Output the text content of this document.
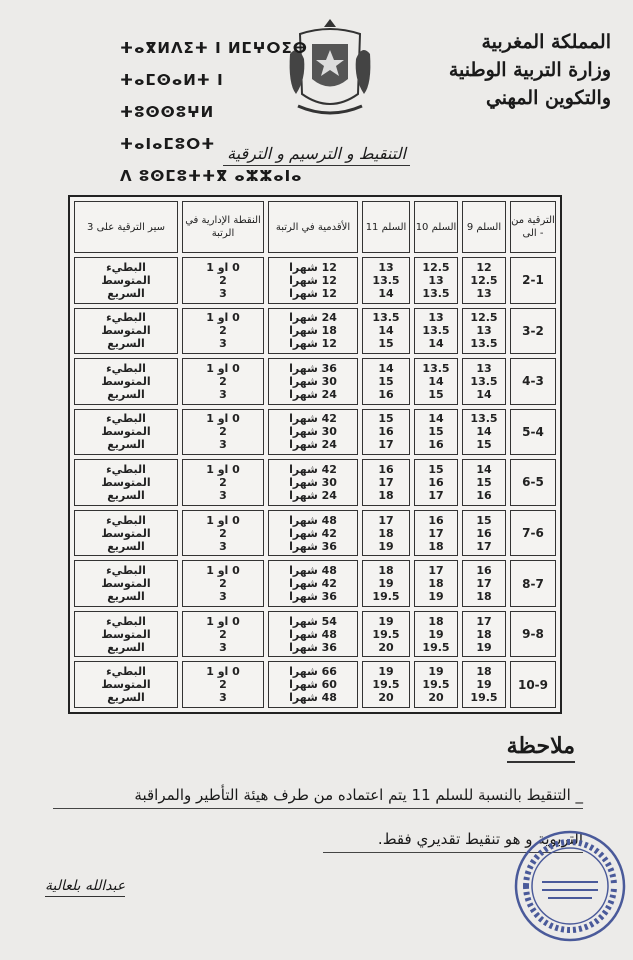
المملكة المغربية
وزارة التربية الوطنية
والتكوين المهني
ⵜⴰⴳⵍⴷⵉⵜ ⵏ ⵍⵎⵖⵔⵉⴱ
ⵜⴰⵎⵙⴰⵍⵜ ⵏ ⵜⵓⵙⵙⵓⵖⵍ ⵜⴰⵏⴰⵎⵓⵔⵜ
ⴷ ⵓⵙⵎⵓⵜⵜⴳ ⴰⵣⵣⴰⵏⴰ
التنقيط و الترسيم و الترقية
الترقية من - الى	السلم 9	السلم 10	السلم 11	الأقدمية في الرتبة	النقطة الإدارية في الرتبة	سير الترقية على 3
2-1	12
12.5
13	12.5
13
13.5	13
13.5
14	12 شهرا
12 شهرا
12 شهرا	0 او 1
2
3	البطيء
المتوسط
السريع

3-2	12.5
13
13.5	13
13.5
14	13.5
14
15	24 شهرا
18 شهرا
12 شهرا	0 او 1
2
3	البطيء
المتوسط
السريع

4-3	13
13.5
14	13.5
14
15	14
15
16	36 شهرا
30 شهرا
24 شهرا	0 او 1
2
3	البطيء
المتوسط
السريع

5-4	13.5
14
15	14
15
16	15
16
17	42 شهرا
30 شهرا
24 شهرا	0 او 1
2
3	البطيء
المتوسط
السريع

6-5	14
15
16	15
16
17	16
17
18	42 شهرا
30 شهرا
24 شهرا	0 او 1
2
3	البطيء
المتوسط
السريع

7-6	15
16
17	16
17
18	17
18
19	48 شهرا
42 شهرا
36 شهرا	0 او 1
2
3	البطيء
المتوسط
السريع

8-7	16
17
18	17
18
19	18
19
19.5	48 شهرا
42 شهرا
36 شهرا	0 او 1
2
3	البطيء
المتوسط
السريع

9-8	17
18
19	18
19
19.5	19
19.5
20	54 شهرا
48 شهرا
36 شهرا	0 او 1
2
3	البطيء
المتوسط
السريع

10-9	18
19
19.5	19
19.5
20	19
19.5
20	66 شهرا
60 شهرا
48 شهرا	0 او 1
2
3	البطيء
المتوسط
السريع
ملاحظة
_ التنقيط بالنسبة للسلم 11 يتم اعتماده من طرف هيئة التأطير والمراقبة
التربوية و هو تنقيط تقديري فقط.
عبدالله بلعالية
